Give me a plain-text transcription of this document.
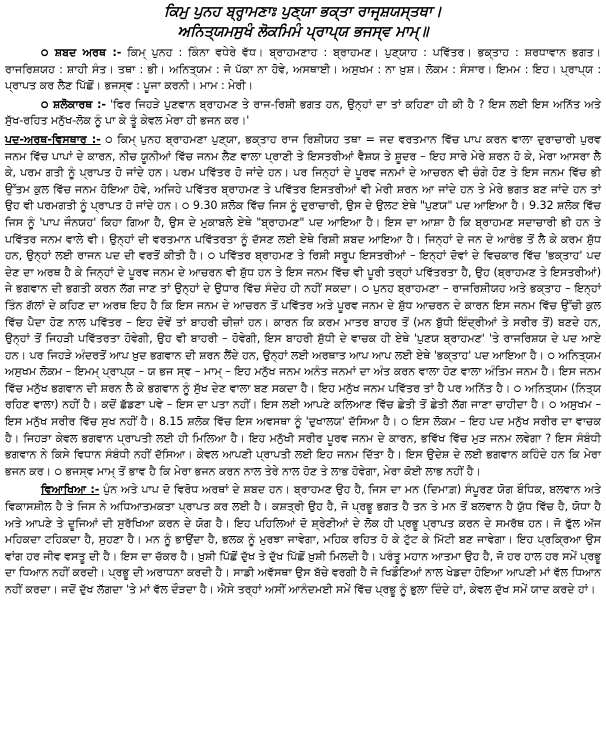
ਕਿਮੁ ਪੁਨਹ ਬ੍ਰਾਹ੍ਮਣਾਃ ਪੁਣ੍ਯਾ ਭਕ੍ਤਾ ਰਾਜਰ੍ਸ਼ਯਸ੍ਤਥਾ।

ਅਨਿਤ੍ਯਮਸੁਖੰ ਲੋਕਮਿਮੰ ਪ੍ਰਾਪ੍ਯ ਭਜਸ੍ਵ ਮਾਮ੍॥

੦ ਸ਼ਬਦ ਅਰਥ :- ਕਿਮ੍ ਪੁਨਹ : ਕਿੰਨਾ ਵਧੇਰੇ ਵੱਧ। ਬ੍ਰਾਹਮਣਾਹ : ਬ੍ਰਾਹਮਣ। ਪੁਣ੍ਯਾਹ : ਪਵਿੱਤਰ। ਭਕ੍ਤਾਹ : ਸ਼ਰਧਾਵਾਨ ਭਗਤ। ਰਾਜਰਿਸ਼ਯਹ : ਸ਼ਾਹੀ ਸੰਤ। ਤਥਾ : ਭੀ। ਅਨਿਤ੍ਯਮ : ਜੋ ਪੱਕਾ ਨਾ ਹੋਵੇ, ਅਸਥਾਈ। ਅਸੁਖਮ : ਨਾ ਖ਼ੁਸ਼। ਲੋਕਮ : ਸੰਸਾਰ। ਇਮਮ : ਇਹ। ਪ੍ਰਾਪ੍ਯ : ਪ੍ਰਾਪਤ ਕਰ ਲੈਣ ਪਿੱਛੋਂ। ਭਜਸ੍ਵ : ਪੂਜਾ ਕਰਨੀ। ਮਾਮ : ਮੇਰੀ।

੦ ਸ਼ਲੋਕਾਰਥ :- 'ਫਿਰ ਜਿਹੜੇ ਪੁਣਵਾਨ ਬ੍ਰਾਹਮਣ ਤੇ ਰਾਜ-ਰਿਸ਼ੀ ਭਗਤ ਹਨ, ਉਨ੍ਹਾਂ ਦਾ ਤਾਂ ਕਹਿਣਾ ਹੀ ਕੀ ਹੈ ? ਇਸ ਲਈ ਇਸ ਅਨਿੱਤ ਅਤੇ ਸੁੱਖ-ਰਹਿਤ ਮਨੁੱਖ-ਲੋਕ ਨੂੰ ਪਾ ਕੇ ਤੂੰ ਕੇਵਲ ਮੇਰਾ ਹੀ ਭਜਨ ਕਰ।'

ਪਦ-ਅਰਥ-ਵਿਸਥਾਰ :- ੦ ਕਿਮ੍ ਪੁਨਹ ਬ੍ਰਾਹਮਣਾ ਪੁਣ੍ਯਾ, ਭਕ੍ਤਾਹ ਰਾਜ ਰਿਸ਼ੀਯਹ ਤਥਾ = ਜਦ ਵਰਤਮਾਨ ਵਿੱਚ ਪਾਪ ਕਰਨ ਵਾਲਾ ਦੁਰਾਚਾਰੀ ਪੁਰਵ ਜਨਮ ਵਿੱਚ ਪਾਪਾਂ ਦੇ ਕਾਰਨ, ਨੀਚ ਯੂਨੀਆਂ ਵਿੱਚ ਜਨਮ ਲੈਣ ਵਾਲਾ ਪ੍ਰਾਣੀ ਤੇ ਇਸਤਰੀਆਂ ਵੈਸ਼ਯ ਤੇ ਸ਼ੂਦਰ – ਇਹ ਸਾਰੇ ਮੇਰੇ ਸ਼ਰਨ ਹੋ ਕੇ, ਮੇਰਾ ਆਸਰਾ ਲੈ ਕੇ, ਪਰਮ ਗਤੀ ਨੂੰ ਪ੍ਰਾਪਤ ਹੋ ਜਾਂਦੇ ਹਨ। ਪਰਮ ਪਵਿੱਤਰ ਹੋ ਜਾਂਦੇ ਹਨ। ਪਰ ਜਿਨ੍ਹਾਂ ਦੇ ਪੂਰਵ ਜਨਮਾਂ ਦੇ ਆਚਰਨ ਵੀ ਚੰਗੇ ਹੋਣ ਤੇ ਇਸ ਜਨਮ ਵਿੱਚ ਭੀ ਉੱਤਮ ਕੁਲ ਵਿੱਚ ਜਨਮ ਹੋਇਆ ਹੋਵੇ, ਅਜਿਹੇ ਪਵਿੱਤਰ ਬ੍ਰਾਹਮਣ ਤੇ ਪਵਿੱਤਰ ਇਸਤਰੀਆਂ ਵੀ ਮੇਰੀ ਸ਼ਰਨ ਆ ਜਾਂਦੇ ਹਨ ਤੇ ਮੇਰੇ ਭਗਤ ਬਣ ਜਾਂਦੇ ਹਨ ਤਾਂ ਉਹ ਵੀ ਪਰਮਗਤੀ ਨੂੰ ਪ੍ਰਾਪਤ ਹੋ ਜਾਂਦੇ ਹਨ। ੦ 9.30 ਸ਼ਲੋਕ ਵਿੱਚ ਜਿਸ ਨੂੰ ਦੁਰਾਚਾਰੀ, ਉਸ ਦੇ ਉਲਟ ਏਥੇ "ਪੁਣਯ" ਪਦ ਆਇਆ ਹੈ। 9.32 ਸ਼ਲੋਕ ਵਿੱਚ ਜਿਸ ਨੂੰ 'ਪਾਪ ਜੌਨਯਹ' ਕਿਹਾ ਗਿਆ ਹੈ, ਉਸ ਦੇ ਮੁਕਾਬਲੇ ਏਥੇ "ਬ੍ਰਾਹਮਣ" ਪਦ ਆਇਆ ਹੈ। ਇਸ ਦਾ ਆਸ਼ਾ ਹੈ ਕਿ ਬ੍ਰਾਹਮਣ ਸਦਾਚਾਰੀ ਭੀ ਹਨ ਤੇ ਪਵਿੱਤਰ ਜਨਮ ਵਾਲੇ ਵੀ। ਉਨ੍ਹਾਂ ਦੀ ਵਰਤਮਾਨ ਪਵਿੱਤਰਤਾ ਨੂੰ ਦੱਸਣ ਲਈ ਏਥੇ ਰਿਸ਼ੀ ਸ਼ਬਦ ਆਇਆ ਹੈ। ਜਿਨ੍ਹਾਂ ਦੇ ਜਨ ਦੇ ਆਰੰਭ ਤੋਂ ਲੈ ਕੇ ਕਰਮ ਸ਼ੁੱਧ ਹਨ, ਉਨ੍ਹਾਂ ਲਈ ਰਾਜਨ ਪਦ ਦੀ ਵਰਤੋਂ ਕੀਤੀ ਹੈ। ੦ ਪਵਿੱਤਰ ਬ੍ਰਾਹਮਣ ਤੇ ਰਿਸ਼ੀ ਸਰੂਪ ਇਸਤਰੀਆਂ – ਇਨ੍ਹਾਂ ਦੋਵਾਂ ਦੇ ਵਿਚਕਾਰ ਵਿੱਚ 'ਭਕ੍ਤਾਹ' ਪਦ ਦੇਣ ਦਾ ਅਰਥ ਹੈ ਕੇ ਜਿਨ੍ਹਾਂ ਦੇ ਪੂਰਵ ਜਨਮ ਦੇ ਆਚਰਨ ਵੀ ਸ਼ੁੱਧ ਹਨ ਤੇ ਇਸ ਜਨਮ ਵਿੱਚ ਵੀ ਪੂਰੀ ਤਰ੍ਹਾਂ ਪਵਿੱਤਰਤਾ ਹੈ, ਉਹ (ਬ੍ਰਾਹਮਣ ਤੇ ਇਸਤਰੀਆਂ) ਜੇ ਭਗਵਾਨ ਦੀ ਭਗਤੀ ਕਰਨ ਲੱਗ ਜਾਣ ਤਾਂ ਉਨ੍ਹਾਂ ਦੇ ਉਧਾਰ ਵਿੱਚ ਸੰਦੇਹ ਹੀ ਨਹੀਂ ਸਕਦਾ। ੦ ਪੁਨਹ ਬ੍ਰਾਹਮਣਾ – ਰਾਜਰਿਸ਼ੀਯਹ ਅਤੇ ਭਕ੍ਤਾਹ – ਇਨ੍ਹਾਂ ਤਿੰਨ ਗੱਲਾਂ ਦੇ ਕਹਿਣ ਦਾ ਅਰਥ ਇਹ ਹੈ ਕਿ ਇਸ ਜਨਮ ਦੇ ਆਚਰਨ ਤੋਂ ਪਵਿੱਤਰ ਅਤੇ ਪੂਰਵ ਜਨਮ ਦੇ ਸ਼ੁੱਧ ਆਚਰਨ ਦੇ ਕਾਰਨ ਇਸ ਜਨਮ ਵਿੱਚ ਉੱਚੀ ਕੁਲ ਵਿੱਚ ਪੈਦਾ ਹੋਣ ਨਾਲ ਪਵਿੱਤਰ – ਇਹ ਦੋਵੇਂ ਤਾਂ ਬਾਹਰੀ ਚੀਜ਼ਾਂ ਹਨ। ਕਾਰਨ ਕਿ ਕਰਮ ਮਾਤਰ ਬਾਹਰ ਤੋਂ (ਮਨ ਬੁੱਧੀ ਇੰਦ੍ਰੀਆਂ ਤੇ ਸਰੀਰ ਤੋਂ) ਬਣਦੇ ਹਨ, ਉਨ੍ਹਾਂ ਤੋਂ ਜਿਹੜੀ ਪਵਿੱਤਰਤਾ ਹੋਵੇਗੀ, ਉਹ ਵੀ ਬਾਹਰੀ – ਹੋਵੇਗੀ, ਇਸ ਬਾਹਰੀ ਸ਼ੁੱਧੀ ਦੇ ਵਾਚਕ ਹੀ ਏਥੇ 'ਪੁਣਯ ਬ੍ਰਾਹਮਣ' 'ਤੇ ਰਾਜਰਿਸ਼ਯ ਦੇ ਪਦ ਆਏ ਹਨ। ਪਰ ਜਿਹੜੇ ਅੰਦਰਤੋਂ ਆਪ ਖ਼ੁਦ ਭਗਵਾਨ ਦੀ ਸ਼ਰਨ ਲੈਂਦੇ ਹਨ, ਉਨ੍ਹਾਂ ਲਈ ਅਰਥਾਤ ਆਪ ਆਪ ਲਈ ਏਥੇ 'ਭਕ੍ਤਾਹ' ਪਦ ਆਇਆ ਹੈ। ੦ ਅਨਿਤ੍ਯਮ ਅਸੁਖਮ ਲੋਕਮ – ਇਮਮ੍ ਪ੍ਰਾਪ੍ਯ – ਯ ਭਜ ਸ੍ਵ – ਮਾਮ੍ – ਇਹ ਮਨੁੱਖ ਜਨਮ ਅਨੰਤ ਜਨਮਾਂ ਦਾ ਅੰਤ ਕਰਨ ਵਾਲਾ ਹੋਣ ਵਾਲਾ ਅੰਤਿਮ ਜਨਮ ਹੈ। ਇਸ ਜਨਮ ਵਿੱਚ ਮਨੁੱਖ ਭਗਵਾਨ ਦੀ ਸ਼ਰਨ ਲੈ ਕੇ ਭਗਵਾਨ ਨੂੰ ਸੁੱਖ ਦੇਣ ਵਾਲਾ ਬਣ ਸਕਦਾ ਹੈ। ਇਹ ਮਨੁੱਖ ਜਨਮ ਪਵਿੱਤਰ ਤਾਂ ਹੈ ਪਰ ਅਨਿੱਤ ਹੈ। ੦ ਅਨਿਤ੍ਯਮ (ਨਿਤ੍ਯ ਰਹਿਣ ਵਾਲਾ) ਨਹੀਂ ਹੈ। ਕਦੋਂ ਛੱਡਣਾ ਪਵੇ – ਇਸ ਦਾ ਪਤਾ ਨਹੀਂ। ਇਸ ਲਈ ਆਪਣੇ ਕਲਿਆਣ ਵਿੱਚ ਛੇਤੀ ਤੋਂ ਛੇਤੀ ਲੱਗ ਜਾਣਾ ਚਾਹੀਦਾ ਹੈ। ੦ ਅਸੁਖਮ – ਇਸ ਮਨੁੱਖ ਸਰੀਰ ਵਿੱਚ ਸੁਖ ਨਹੀਂ ਹੈ। 8.15 ਸ਼ਲੋਕ ਵਿੱਚ ਇਸ ਅਵਸਥਾ ਨੂੰ 'ਦੁਖਾਲਯ' ਦੱਸਿਆ ਹੈ। ੦ ਇਸ ਲੋਕਮ – ਇਹ ਪਦ ਮਨੁੱਖ ਸਰੀਰ ਦਾ ਵਾਚਕ ਹੈ। ਜਿਹੜਾ ਕੇਵਲ ਭਗਵਾਨ ਪ੍ਰਾਪਤੀ ਲਈ ਹੀ ਮਿਲਿਆ ਹੈ। ਇਹ ਮਨੁੱਖੀ ਸਰੀਰ ਪੂਰਵ ਜਨਮ ਦੇ ਕਾਰਨ, ਭਵਿੱਖ ਵਿੱਚ ਮੁੜ ਜਨਮ ਲਵੇਗਾ ? ਇਸ ਸੰਬੰਧੀ ਭਗਵਾਨ ਨੇ ਕਿਸੇ ਵਿਧਾਨ ਸੰਬੰਧੀ ਨਹੀਂ ਦੱਸਿਆ। ਕੇਵਲ ਆਪਣੀ ਪ੍ਰਾਪਤੀ ਲਈ ਇਹ ਜਨਮ ਦਿੱਤਾ ਹੈ। ਇਸ ਉਦੇਸ਼ ਦੇ ਲਈ ਭਗਵਾਨ ਕਹਿੰਦੇ ਹਨ ਕਿ ਮੇਰਾ ਭਜਨ ਕਰ। ੦ ਭਜਸ੍ਵ ਮਾਮ੍ ਤੋਂ ਭਾਵ ਹੈ ਕਿ ਮੇਰਾ ਭਜਨ ਕਰਨ ਨਾਲ ਤੇਰੇ ਨਾਲ ਹੋਣ ਤੇ ਲਾਭ ਹੋਵੇਗਾ, ਮੇਰਾ ਕੋਈ ਲਾਭ ਨਹੀਂ ਹੈ।

ਵਿਆਖਿਆ :- ਪੁੰਨ ਅਤੇ ਪਾਪ ਦੋ ਵਿਰੋਧ ਅਰਥਾਂ ਦੇ ਸ਼ਬਦ ਹਨ। ਬ੍ਰਾਹਮਣ ਉਹ ਹੈ, ਜਿਸ ਦਾ ਮਨ (ਦਿਮਾਗ਼) ਸੰਪੂਰਣ ਯੋਗ ਬੌਧਿਕ, ਬਲਵਾਨ ਅਤੇ ਵਿਕਾਸਸ਼ੀਲ ਹੈ ਤੇ ਜਿਸ ਨੇ ਅਧਿਆਤਮਕਤਾ ਪ੍ਰਾਪਤ ਕਰ ਲਈ ਹੈ। ਕਸ਼ਤ੍ਰੀ ਉਹ ਹੈ, ਜੋ ਪ੍ਰਭੂ ਭਗਤ ਹੈ ਤਨ ਤੇ ਮਨ ਤੋਂ ਬਲਵਾਨ ਹੈ ਯੁੱਧ ਵਿੱਚ ਹੈ, ਯੋਧਾ ਹੈ ਅਤੇ ਆਪਣੇ ਤੇ ਦੂਜਿਆਂ ਦੀ ਸੁਰੱਖਿਆ ਕਰਨ ਦੇ ਯੋਗ ਹੈ। ਇਹ ਪਹਿਲਿਆਂ ਦੋ ਸ਼੍ਰੇਣੀਆਂ ਦੇ ਲੋਕ ਹੀ ਪ੍ਰਭੂ ਪ੍ਰਾਪਤ ਕਰਨ ਦੇ ਸਮਰੱਥ ਹਨ। ਜੋ ਫੁੱਲ ਅੱਜ ਮਹਿਕਦਾ ਟਹਿਕਦਾ ਹੈ, ਸੁਹਣਾ ਹੈ। ਮਨ ਨੂੰ ਭਾਉਂਦਾ ਹੈ, ਭਲਕ ਨੂੰ ਮੁਰਝਾ ਜਾਵੇਗਾ, ਮਹਿਕ ਰਹਿਤ ਹੋ ਕੇ ਟੁੱਟ ਕੇ ਮਿੱਟੀ ਬਣ ਜਾਵੇਗਾ। ਇਹ ਪ੍ਰਕ੍ਰਿਆ ਉਸ ਵਾਂਗ ਹਰ ਜੀਵ ਵਸਤੂ ਦੀ ਹੈ। ਇਸ ਦਾ ਚੱਕਰ ਹੈ। ਖ਼ੁਸ਼ੀ ਪਿੱਛੋਂ ਦੁੱਖ ਤੇ ਦੁੱਖ ਪਿੱਛੋਂ ਖ਼ੁਸ਼ੀ ਮਿਲਦੀ ਹੈ। ਪਰੰਤੂ ਮਹਾਨ ਆਤਮਾ ਉਹ ਹੈ, ਜੋ ਹਰ ਹਾਲ ਹਰ ਸਮੇਂ ਪ੍ਰਭੂ ਦਾ ਧਿਆਨ ਨਹੀਂ ਕਰਦੀ। ਪ੍ਰਭੂ ਦੀ ਅਰਾਧਨਾ ਕਰਦੀ ਹੈ। ਸਾਡੀ ਅਵੱਸਥਾ ਉਸ ਬੱਚੇ ਵਰਗੀ ਹੈ ਜੋ ਖਿਡੌਣਿਆਂ ਨਾਲ ਖੇਡਦਾ ਹੋਇਆ ਆਪਣੀ ਮਾਂ ਵੱਲ ਧਿਆਨ ਨਹੀਂ ਕਰਦਾ। ਜਦੋਂ ਦੁੱਖ ਲੱਗਦਾ 'ਤੇ ਮਾਂ ਵੱਲ ਦੌੜਦਾ ਹੈ। ਐਸੇ ਤਰ੍ਹਾਂ ਅਸੀਂ ਆਨੰਦਮਈ ਸਮੇਂ ਵਿੱਚ ਪ੍ਰਭੂ ਨੂੰ ਭੁਲਾ ਦਿੰਦੇ ਹਾਂ, ਕੇਵਲ ਦੁੱਖ ਸਮੇਂ ਯਾਦ ਕਰਦੇ ਹਾਂ।
